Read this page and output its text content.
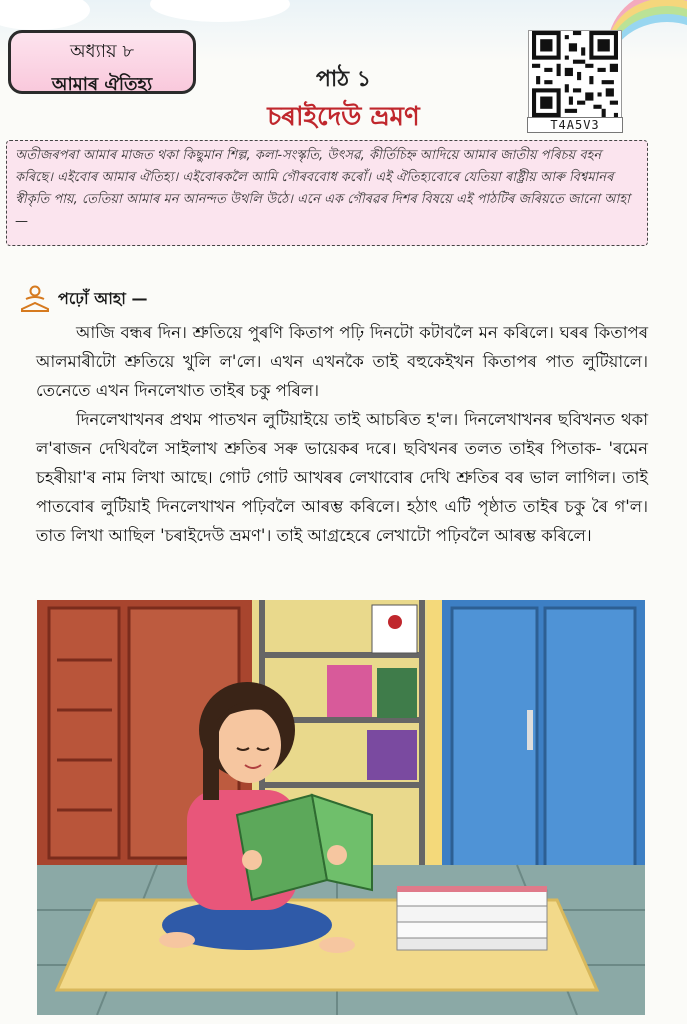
অধ্যায় ৮
আমাৰ ঐতিহ্য	পাঠ ১
চৰাইদেউ ভ্ৰমণ	T4A5V3
অতীজৰপৰা আমাৰ মাজত থকা কিছুমান শিল্প, কলা-সংস্কৃতি, উৎসৱ, কীৰ্তিচিহ্ন আদিয়ে আমাৰ জাতীয় পৰিচয় বহন কৰিছে। এইবোৰ আমাৰ ঐতিহ্য। এইবোৰকলৈ আমি গৌৰববোধ কৰোঁ। এই ঐতিহ্যবোৰে যেতিয়া ৰাষ্ট্ৰীয় আৰু বিশ্বমানৰ স্বীকৃতি পায়, তেতিয়া আমাৰ মন আনন্দত উথলি উঠে। এনে এক গৌৰৱৰ দিশৰ বিষয়ে এই পাঠটিৰ জৰিয়তে জানো আহা—
পঢ়োঁ আহা —

আজি বন্ধৰ দিন। শ্ৰুতিয়ে পুৰণি কিতাপ পঢ়ি দিনটো কটাবলৈ মন কৰিলে। ঘৰৰ কিতাপৰ আলমাৰীটো শ্ৰুতিয়ে খুলি ল'লে। এখন এখনকৈ তাই বহুকেইখন কিতাপৰ পাত লুটিয়ালে। তেনেতে এখন দিনলেখাত তাইৰ চকু পৰিল।

দিনলেখাখনৰ প্ৰথম পাতখন লুটিয়াইয়ে তাই আচৰিত হ'ল। দিনলেখাখনৰ ছবিখনত থকা ল'ৰাজন দেখিবলৈ সাইলাখ শ্ৰুতিৰ সৰু ভায়েকৰ দৰে। ছবিখনৰ তলত তাইৰ পিতাক- 'ৰমেন চহৰীয়া'ৰ নাম লিখা আছে। গোট গোট আখৰৰ লেখাবোৰ দেখি শ্ৰুতিৰ বৰ ভাল লাগিল। তাই পাতবোৰ লুটিয়াই দিনলেখাখন পঢ়িবলৈ আৰম্ভ কৰিলে। হঠাৎ এটি পৃষ্ঠাত তাইৰ চকু ৰৈ গ'ল। তাত লিখা আছিল 'চৰাইদেউ ভ্ৰমণ'। তাই আগ্ৰহেৰে লেখাটো পঢ়িবলৈ আৰম্ভ কৰিলে।
